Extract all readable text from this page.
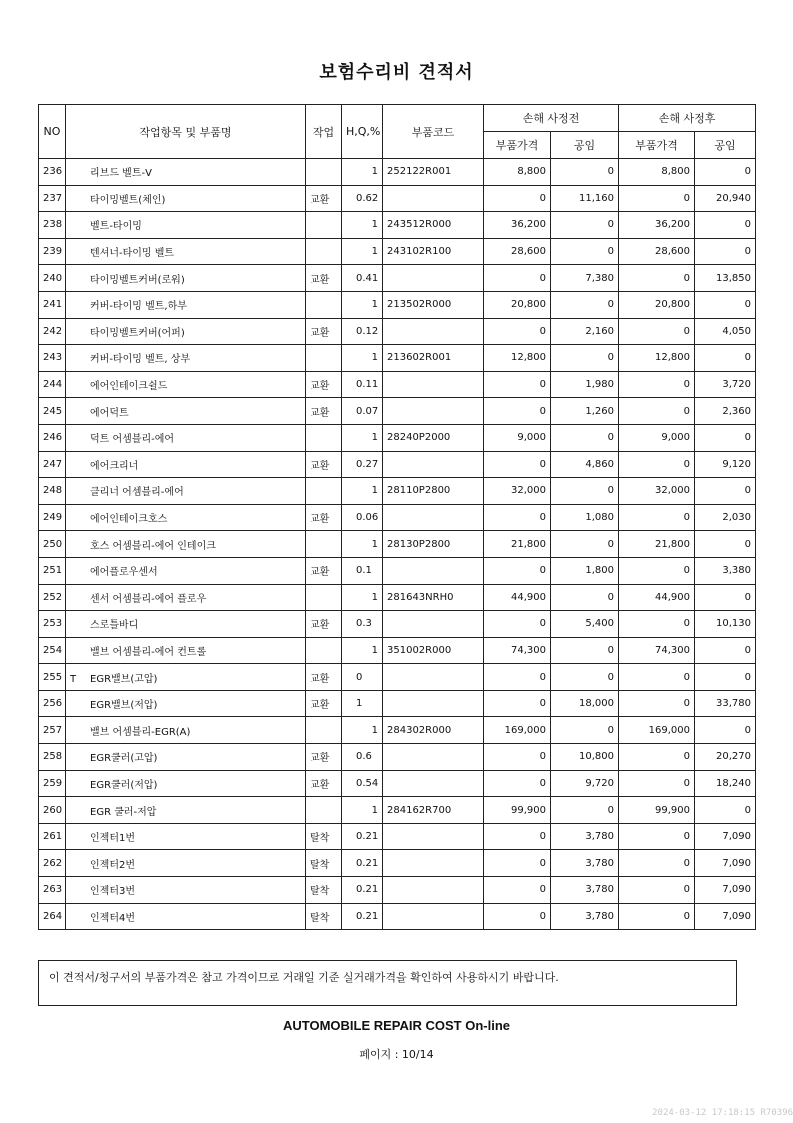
보험수리비 견적서
NO	작업항목 및 부품명	작업	H,Q,%	부품코드	손해 사정전		손해 사정후	
					부품가격	공임	부품가격	공임
236	리브드 벨트-V		1	252122R001	8,800	0	8,800	0
237	타이밍벨트(체인)	교환	0.62		0	11,160	0	20,940
238	벨트-타이밍		1	243512R000	36,200	0	36,200	0
239	텐셔너-타이밍 벨트		1	243102R100	28,600	0	28,600	0
240	타이밍벨트커버(로워)	교환	0.41		0	7,380	0	13,850
241	커버-타이밍 벨트,하부		1	213502R000	20,800	0	20,800	0
242	타이밍벨트커버(어퍼)	교환	0.12		0	2,160	0	4,050
243	커버-타이밍 벨트, 상부		1	213602R001	12,800	0	12,800	0
244	에어인테이크쉴드	교환	0.11		0	1,980	0	3,720
245	에어덕트	교환	0.07		0	1,260	0	2,360
246	덕트 어셈블리-에어		1	28240P2000	9,000	0	9,000	0
247	에어크리너	교환	0.27		0	4,860	0	9,120
248	클리너 어셈블리-에어		1	28110P2800	32,000	0	32,000	0
249	에어인테이크호스	교환	0.06		0	1,080	0	2,030
250	호스 어셈블리-에어 인테이크		1	28130P2800	21,800	0	21,800	0
251	에어플로우센서	교환	0.1		0	1,800	0	3,380
252	센서 어셈블리-에어 플로우		1	281643NRH0	44,900	0	44,900	0
253	스로틀바디	교환	0.3		0	5,400	0	10,130
254	밸브 어셈블리-에어 컨트롤		1	351002R000	74,300	0	74,300	0
255	T EGR밸브(고압)	교환	0		0	0	0	0
256	EGR밸브(저압)	교환	1		0	18,000	0	33,780
257	밸브 어셈블리-EGR(A)		1	284302R000	169,000	0	169,000	0
258	EGR쿨러(고압)	교환	0.6		0	10,800	0	20,270
259	EGR쿨러(저압)	교환	0.54		0	9,720	0	18,240
260	EGR 쿨러-저압		1	284162R700	99,900	0	99,900	0
261	인젝터1번	탈착	0.21		0	3,780	0	7,090
262	인젝터2번	탈착	0.21		0	3,780	0	7,090
263	인젝터3번	탈착	0.21		0	3,780	0	7,090
264	인젝터4번	탈착	0.21		0	3,780	0	7,090
이 견적서/청구서의 부품가격은 참고 가격이므로 거래일 기준 실거래가격을 확인하여 사용하시기 바랍니다.
AUTOMOBILE REPAIR COST On-line
페이지 : 10/14
2024-03-12 17:18:15 R70396
